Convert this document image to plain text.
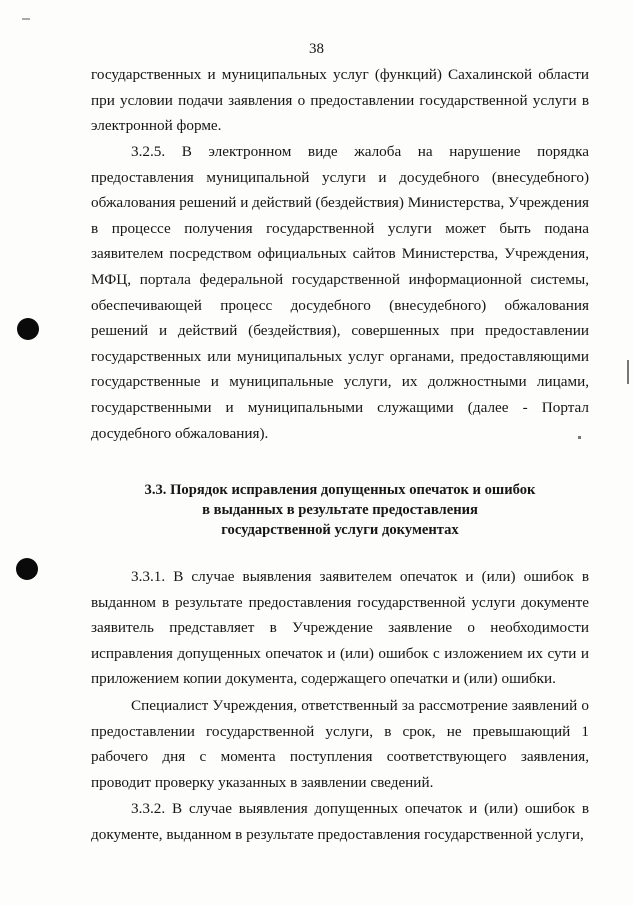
38

государственных и муниципальных услуг (функций) Сахалинской области при условии подачи заявления о предоставлении государственной услуги в электронной форме.

3.2.5. В электронном виде жалоба на нарушение порядка предоставления муниципальной услуги и досудебного (внесудебного) обжалования решений и действий (бездействия) Министерства, Учреждения в процессе получения государственной услуги может быть подана заявителем посредством официальных сайтов Министерства, Учреждения, МФЦ, портала федеральной государственной информационной системы, обеспечивающей процесс досудебного (внесудебного) обжалования решений и действий (бездействия), совершенных при предоставлении государственных или муниципальных услуг органами, предоставляющими государственные и муниципальные услуги, их должностными лицами, государственными и муниципальными служащими (далее - Портал досудебного обжалования).

3.3. Порядок исправления допущенных опечаток и ошибок
в выданных в результате предоставления
государственной услуги документах

3.3.1. В случае выявления заявителем опечаток и (или) ошибок в выданном в результате предоставления государственной услуги документе заявитель представляет в Учреждение заявление о необходимости исправления допущенных опечаток и (или) ошибок с изложением их сути и приложением копии документа, содержащего опечатки и (или) ошибки.

Специалист Учреждения, ответственный за рассмотрение заявлений о предоставлении государственной услуги, в срок, не превышающий 1 рабочего дня с момента поступления соответствующего заявления, проводит проверку указанных в заявлении сведений.

3.3.2. В случае выявления допущенных опечаток и (или) ошибок в документе, выданном в результате предоставления государственной услуги,
